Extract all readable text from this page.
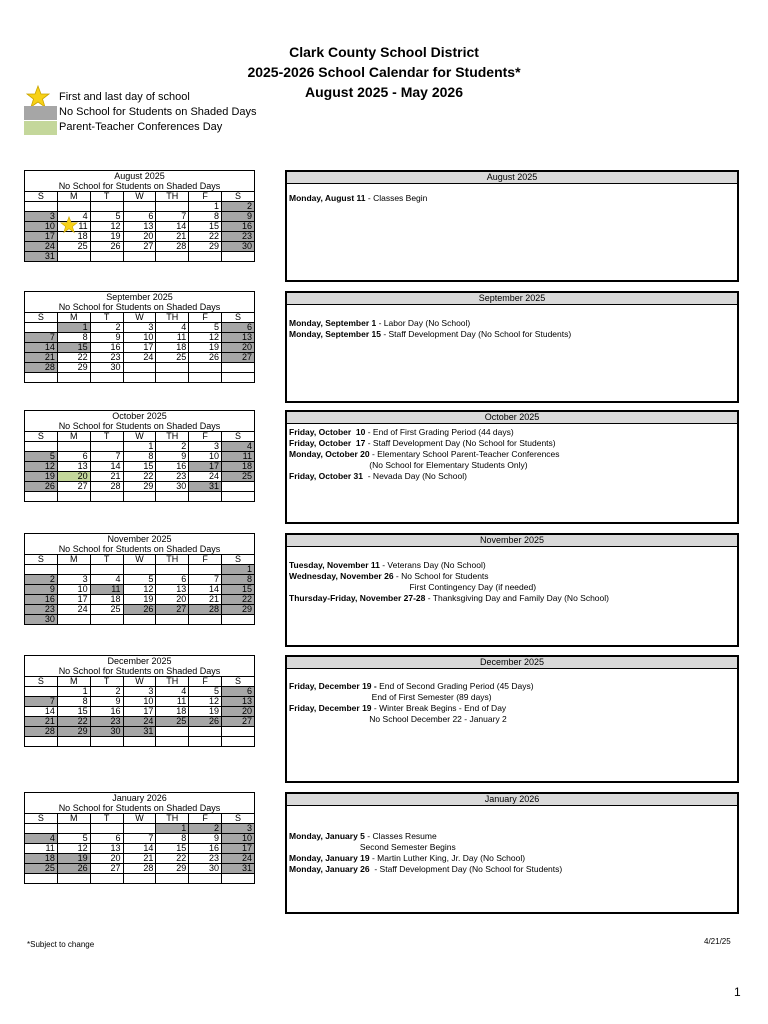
Clark County School District
2025-2026 School Calendar for Students*
August 2025 - May 2026
First and last day of school
No School for Students on Shaded Days
Parent-Teacher Conferences Day
August 2025						
No School for Students on Shaded Days						
S	M	T	W	TH	F	S
					1	2
3	4	5	6	7	8	9
10	11	12	13	14	15	16
17	18	19	20	21	22	23
24	25	26	27	28	29	30
31						
August 2025
Monday, August 11 - Classes Begin
September 2025						
No School for Students on Shaded Days						
S	M	T	W	TH	F	S
	1	2	3	4	5	6
7	8	9	10	11	12	13
14	15	16	17	18	19	20
21	22	23	24	25	26	27
28	29	30				

September 2025
Monday, September 1 - Labor Day (No School)
Monday, September 15 - Staff Development Day (No School for Students)
October 2025						
No School for Students on Shaded Days						
S	M	T	W	TH	F	S
			1	2	3	4
5	6	7	8	9	10	11
12	13	14	15	16	17	18
19	20	21	22	23	24	25
26	27	28	29	30	31	

October 2025
Friday, October  10 - End of First Grading Period (44 days)
Friday, October  17 - Staff Development Day (No School for Students)
Monday, October 20 - Elementary School Parent-Teacher Conferences
(No School for Elementary Students Only)
Friday, October 31  - Nevada Day (No School)
November 2025						
No School for Students on Shaded Days						
S	M	T	W	TH	F	S
						1
2	3	4	5	6	7	8
9	10	11	12	13	14	15
16	17	18	19	20	21	22
23	24	25	26	27	28	29
30						
November 2025
Tuesday, November 11 - Veterans Day (No School)
Wednesday, November 26 - No School for Students
First Contingency Day (if needed)
Thursday-Friday, November 27-28 - Thanksgiving Day and Family Day (No School)
December 2025						
No School for Students on Shaded Days						
S	M	T	W	TH	F	S
	1	2	3	4	5	6
7	8	9	10	11	12	13
14	15	16	17	18	19	20
21	22	23	24	25	26	27
28	29	30	31			

December 2025
Friday, December 19 - End of Second Grading Period (45 Days)
End of First Semester (89 days)
Friday, December 19 - Winter Break Begins - End of Day
No School December 22 - January 2
January 2026						
No School for Students on Shaded Days						
S	M	T	W	TH	F	S
				1	2	3
4	5	6	7	8	9	10
11	12	13	14	15	16	17
18	19	20	21	22	23	24
25	26	27	28	29	30	31

January 2026

Monday, January 5 - Classes Resume
Second Semester Begins
Monday, January 19 - Martin Luther King, Jr. Day (No School)
Monday, January 26  - Staff Development Day (No School for Students)
*Subject to change	4/21/25
1
